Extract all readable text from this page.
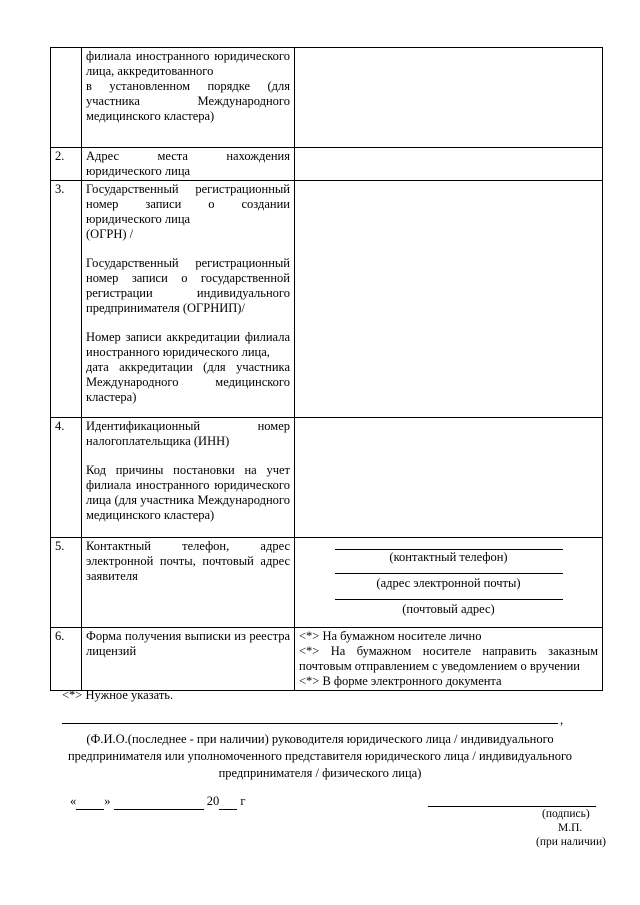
	филиала иностранного юридического лица, аккредитованного
в установленном порядке (для участника Международного медицинского кластера)	

2.	Адрес места нахождения юридического лица	

3.	Государственный регистрационный номер записи о создании юридического лица
(ОГРН) /
Государственный регистрационный номер записи о государственной регистрации индивидуального предпринимателя (ОГРНИП)/
Номер записи аккредитации филиала иностранного юридического лица,
дата аккредитации (для участника Международного медицинского кластера)	

4.	Идентификационный номер налогоплательщика (ИНН)
Код причины постановки на учет филиала иностранного юридического лица (для участника Международного медицинского кластера)	

5.	Контактный телефон, адрес электронной почты, почтовый адрес заявителя	(контактный телефон)
(адрес электронной почты)
(почтовый адрес)

6.	Форма получения выписки из реестра лицензий	<*> На бумажном носителе лично
<*> На бумажном носителе направить заказным почтовым отправлением с уведомлением о вручении
<*> В форме электронного документа
<*> Нужное указать.
,
(Ф.И.О.(последнее - при наличии) руководителя юридического лица / индивидуального предпринимателя или уполномоченного представителя юридического лица / индивидуального предпринимателя / физического лица)
« »	20 г
(подпись)
М.П.
(при наличии)
